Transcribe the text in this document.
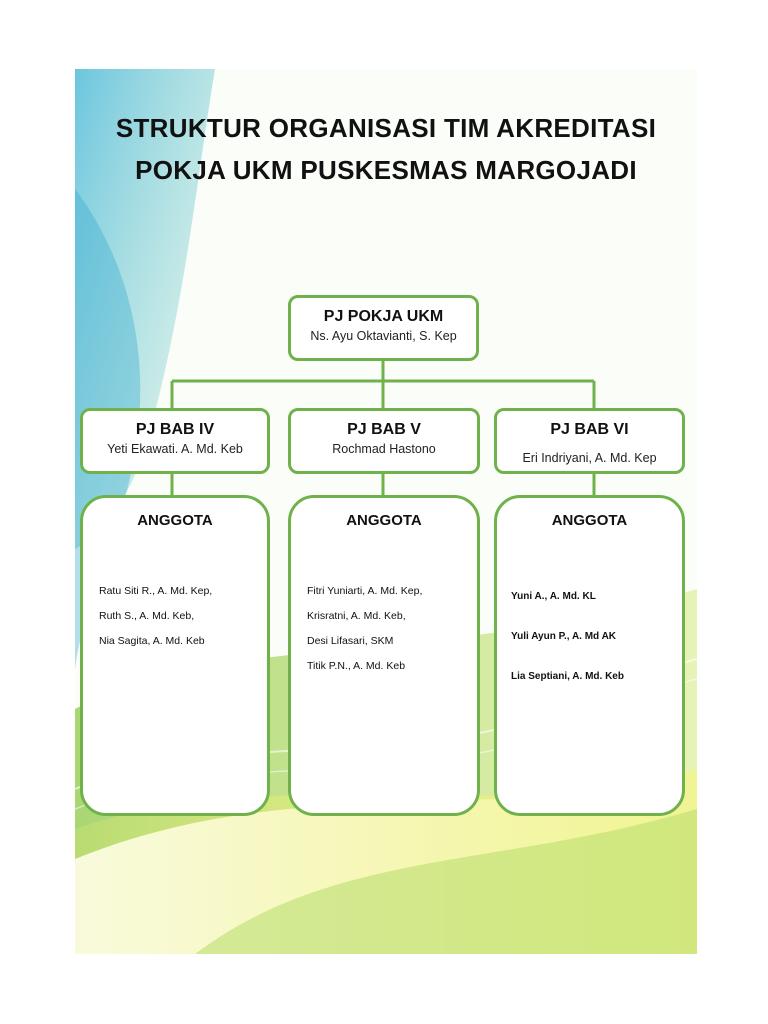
STRUKTUR ORGANISASI TIM AKREDITASI
POKJA UKM PUSKESMAS MARGOJADI
PJ POKJA UKM
Ns. Ayu Oktavianti, S. Kep
PJ BAB IV
Yeti Ekawati. A. Md. Keb
PJ BAB V
Rochmad Hastono
PJ BAB VI
Eri Indriyani, A. Md. Kep
ANGGOTA
Ratu Siti R., A. Md. Kep,
Ruth S., A. Md. Keb,
Nia Sagita, A. Md. Keb
ANGGOTA
Fitri Yuniarti, A. Md. Kep,
Krisratni, A. Md. Keb,
Desi Lifasari, SKM
Titik P.N., A. Md. Keb
ANGGOTA
Yuni A., A. Md. KL
Yuli Ayun P., A. Md AK
Lia Septiani, A. Md. Keb
